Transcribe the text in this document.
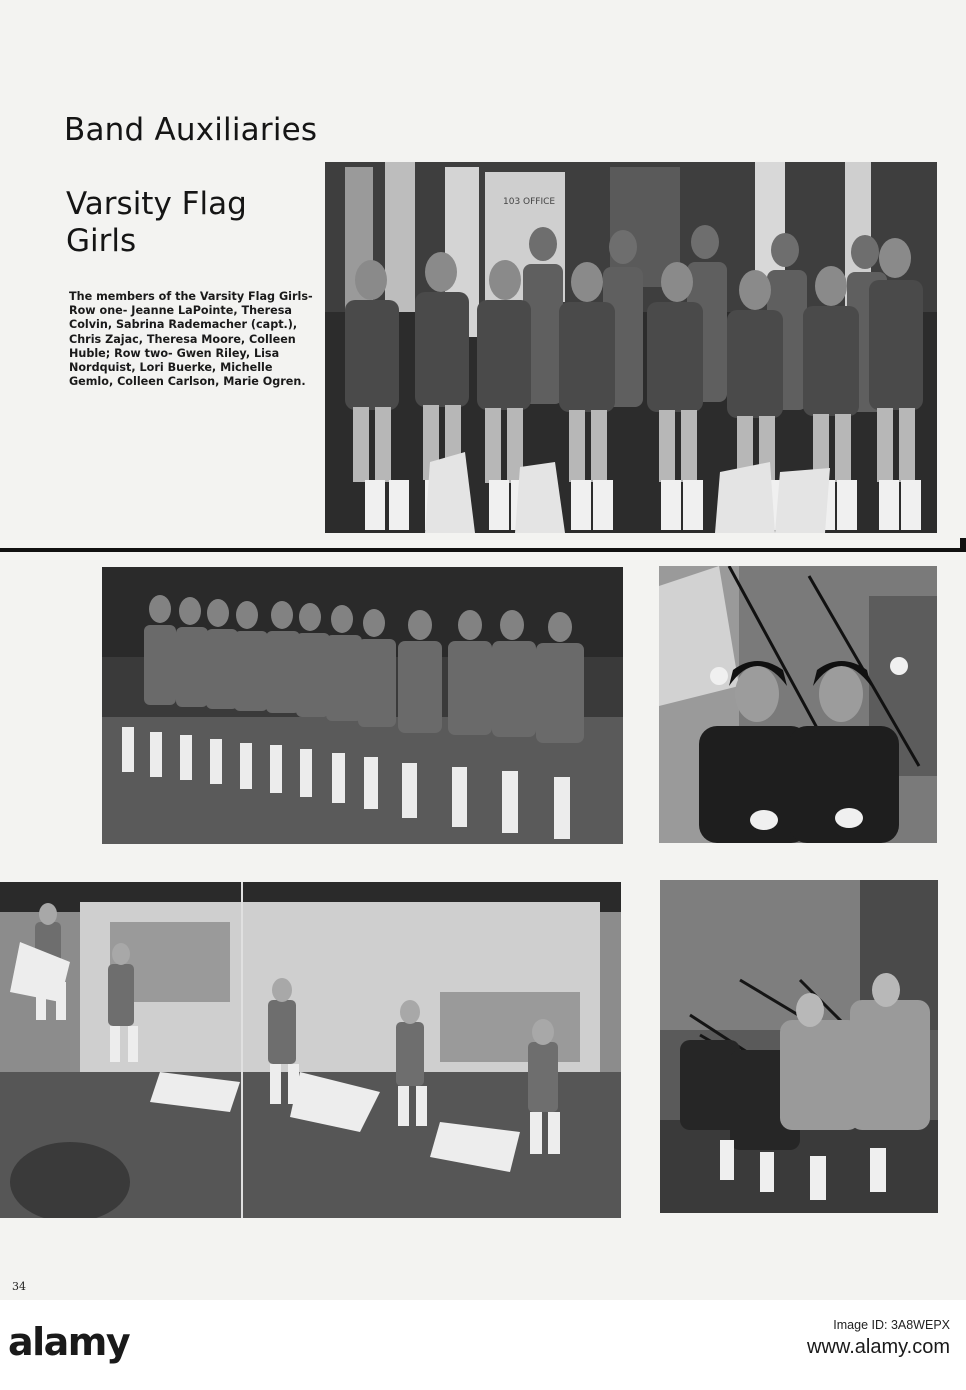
Band Auxiliaries
Varsity Flag Girls

The members of the Varsity Flag Girls-Row one- Jeanne LaPointe, Theresa Colvin, Sabrina Rademacher (capt.), Chris Zajac, Theresa Moore, Colleen Huble; Row two- Gwen Riley, Lisa Nordquist, Lori Buerke, Michelle Gemlo, Colleen Carlson, Marie Ogren.

103 OFFICE

34

alamy	Image ID: 3A8WEPX

www.alamy.com
